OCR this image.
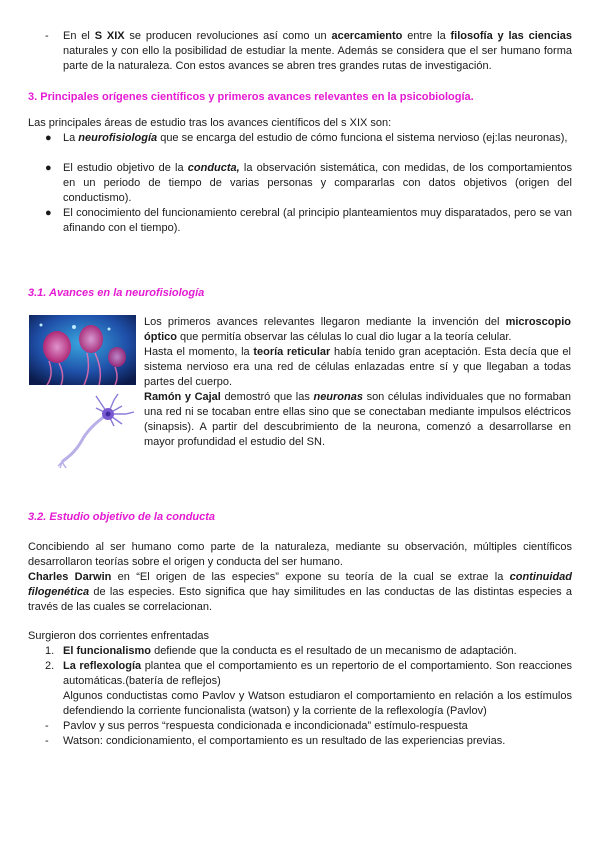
-	En el S XIX se producen revoluciones así como un acercamiento entre la filosofía y las ciencias naturales y con ello la posibilidad de estudiar la mente. Además se considera que el ser humano forma parte de la naturaleza. Con estos avances se abren tres grandes rutas de investigación.

3. Principales orígenes científicos y primeros avances relevantes en la psicobiología.

Las principales áreas de estudio tras los avances científicos del s XIX son:

●	La neurofisiología que se encarga del estudio de cómo funciona el sistema nervioso (ej:las neuronas),

●	El estudio objetivo de la conducta, la observación sistemática, con medidas, de los comportamientos en un periodo de tiempo de varias personas y compararlas con datos objetivos (origen del conductismo).

●	El conocimiento del funcionamiento cerebral (al principio planteamientos muy disparatados, pero se van afinando con el tiempo).

3.1. Avances en la neurofisiología

Los primeros avances relevantes llegaron mediante la invención del microscopio óptico que permitía observar las células lo cual dio lugar a la teoría celular.

Hasta el momento, la teoría reticular había tenido gran aceptación. Esta decía que el sistema nervioso era una red de células enlazadas entre sí y que llegaban a todas partes del cuerpo.

Ramón y Cajal demostró que las neuronas son células individuales que no formaban una red ni se tocaban entre ellas sino que se conectaban mediante impulsos eléctricos (sinapsis). A partir del descubrimiento de la neurona, comenzó a desarrollarse en mayor profundidad el estudio del SN.

3.2. Estudio objetivo de la conducta

Concibiendo al ser humano como parte de la naturaleza, mediante su observación, múltiples científicos desarrollaron teorías sobre el origen y conducta del ser humano.

Charles Darwin en “El origen de las especies” expone su teoría de la cual se extrae la continuidad filogenética de las especies. Esto significa que hay similitudes en las conductas de las distintas especies a través de las cuales se correlacionan.

Surgieron dos corrientes enfrentadas

1. El funcionalismo defiende que la conducta es el resultado de un mecanismo de adaptación.

2. La reflexología plantea que el comportamiento es un repertorio de el comportamiento. Son reacciones automáticas.(batería de reflejos)

Algunos conductistas como Pavlov y Watson estudiaron el comportamiento en relación a los estímulos defendiendo la corriente funcionalista (watson) y la corriente de la reflexología (Pavlov)

-	Pavlov y sus perros “respuesta condicionada e incondicionada” estímulo-respuesta

-	Watson: condicionamiento, el comportamiento es un resultado de las experiencias previas.
